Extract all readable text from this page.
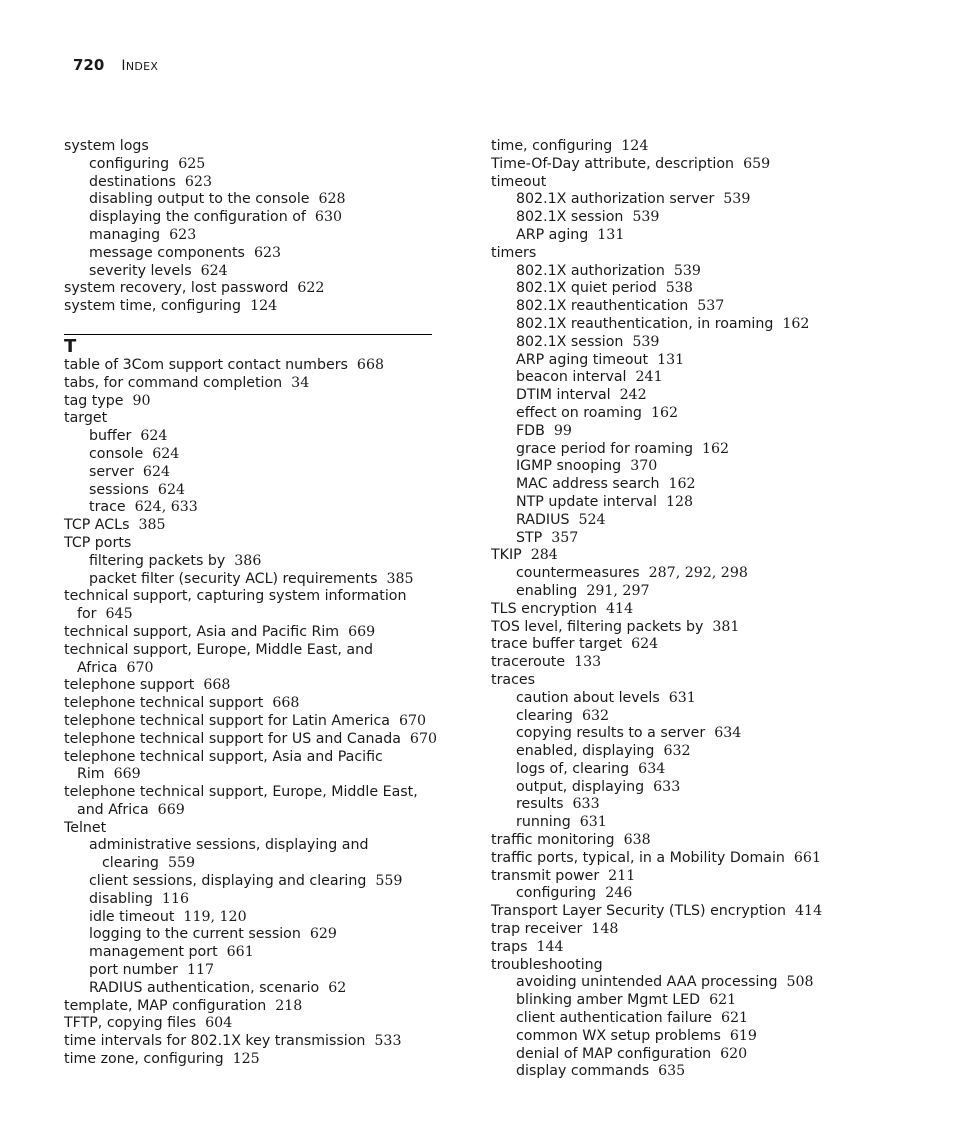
720 INDEX
system logs
configuring 625
destinations 623
disabling output to the console 628
displaying the configuration of 630
managing 623
message components 623
severity levels 624
system recovery, lost password 622
system time, configuring 124
T
table of 3Com support contact numbers 668
tabs, for command completion 34
tag type 90
target
buffer 624
console 624
server 624
sessions 624
trace 624, 633
TCP ACLs 385
TCP ports
filtering packets by 386
packet filter (security ACL) requirements 385
technical support, capturing system information
for 645
technical support, Asia and Pacific Rim 669
technical support, Europe, Middle East, and
Africa 670
telephone support 668
telephone technical support 668
telephone technical support for Latin America 670
telephone technical support for US and Canada 670
telephone technical support, Asia and Pacific
Rim 669
telephone technical support, Europe, Middle East,
and Africa 669
Telnet
administrative sessions, displaying and
clearing 559
client sessions, displaying and clearing 559
disabling 116
idle timeout 119, 120
logging to the current session 629
management port 661
port number 117
RADIUS authentication, scenario 62
template, MAP configuration 218
TFTP, copying files 604
time intervals for 802.1X key transmission 533
time zone, configuring 125
time, configuring 124
Time-Of-Day attribute, description 659
timeout
802.1X authorization server 539
802.1X session 539
ARP aging 131
timers
802.1X authorization 539
802.1X quiet period 538
802.1X reauthentication 537
802.1X reauthentication, in roaming 162
802.1X session 539
ARP aging timeout 131
beacon interval 241
DTIM interval 242
effect on roaming 162
FDB 99
grace period for roaming 162
IGMP snooping 370
MAC address search 162
NTP update interval 128
RADIUS 524
STP 357
TKIP 284
countermeasures 287, 292, 298
enabling 291, 297
TLS encryption 414
TOS level, filtering packets by 381
trace buffer target 624
traceroute 133
traces
caution about levels 631
clearing 632
copying results to a server 634
enabled, displaying 632
logs of, clearing 634
output, displaying 633
results 633
running 631
traffic monitoring 638
traffic ports, typical, in a Mobility Domain 661
transmit power 211
configuring 246
Transport Layer Security (TLS) encryption 414
trap receiver 148
traps 144
troubleshooting
avoiding unintended AAA processing 508
blinking amber Mgmt LED 621
client authentication failure 621
common WX setup problems 619
denial of MAP configuration 620
display commands 635
